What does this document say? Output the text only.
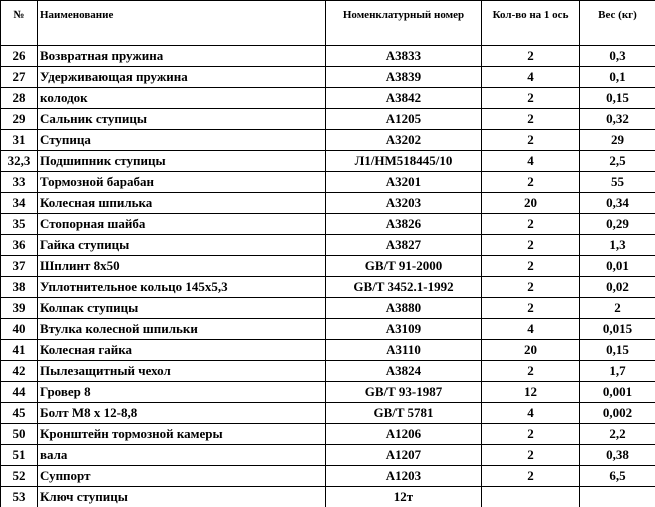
№	Наименование	Номенклатурный номер	Кол-во на 1 ось	Вес (кг)
26	Возвратная пружина	А3833	2	0,3
27	Удерживающая пружина	А3839	4	0,1
28	колодок	А3842	2	0,15
29	Сальник ступицы	А1205	2	0,32
31	Ступица	А3202	2	29
32,3	Подшипник ступицы	Л1/НМ518445/10	4	2,5
33	Тормозной барабан	А3201	2	55
34	Колесная шпилька	А3203	20	0,34
35	Стопорная шайба	А3826	2	0,29
36	Гайка ступицы	А3827	2	1,3
37	Шплинт 8х50	GB/T 91-2000	2	0,01
38	Уплотнительное кольцо 145х5,3	GB/T 3452.1-1992	2	0,02
39	Колпак ступицы	А3880	2	2
40	Втулка колесной шпильки	А3109	4	0,015
41	Колесная гайка	А3110	20	0,15
42	Пылезащитный чехол	А3824	2	1,7
44	Гровер 8	GB/T 93-1987	12	0,001
45	Болт М8 х 12-8,8	GB/T 5781	4	0,002
50	Кронштейн тормозной камеры	А1206	2	2,2
51	вала	А1207	2	0,38
52	Суппорт	А1203	2	6,5
53	Ключ ступицы	12т		
